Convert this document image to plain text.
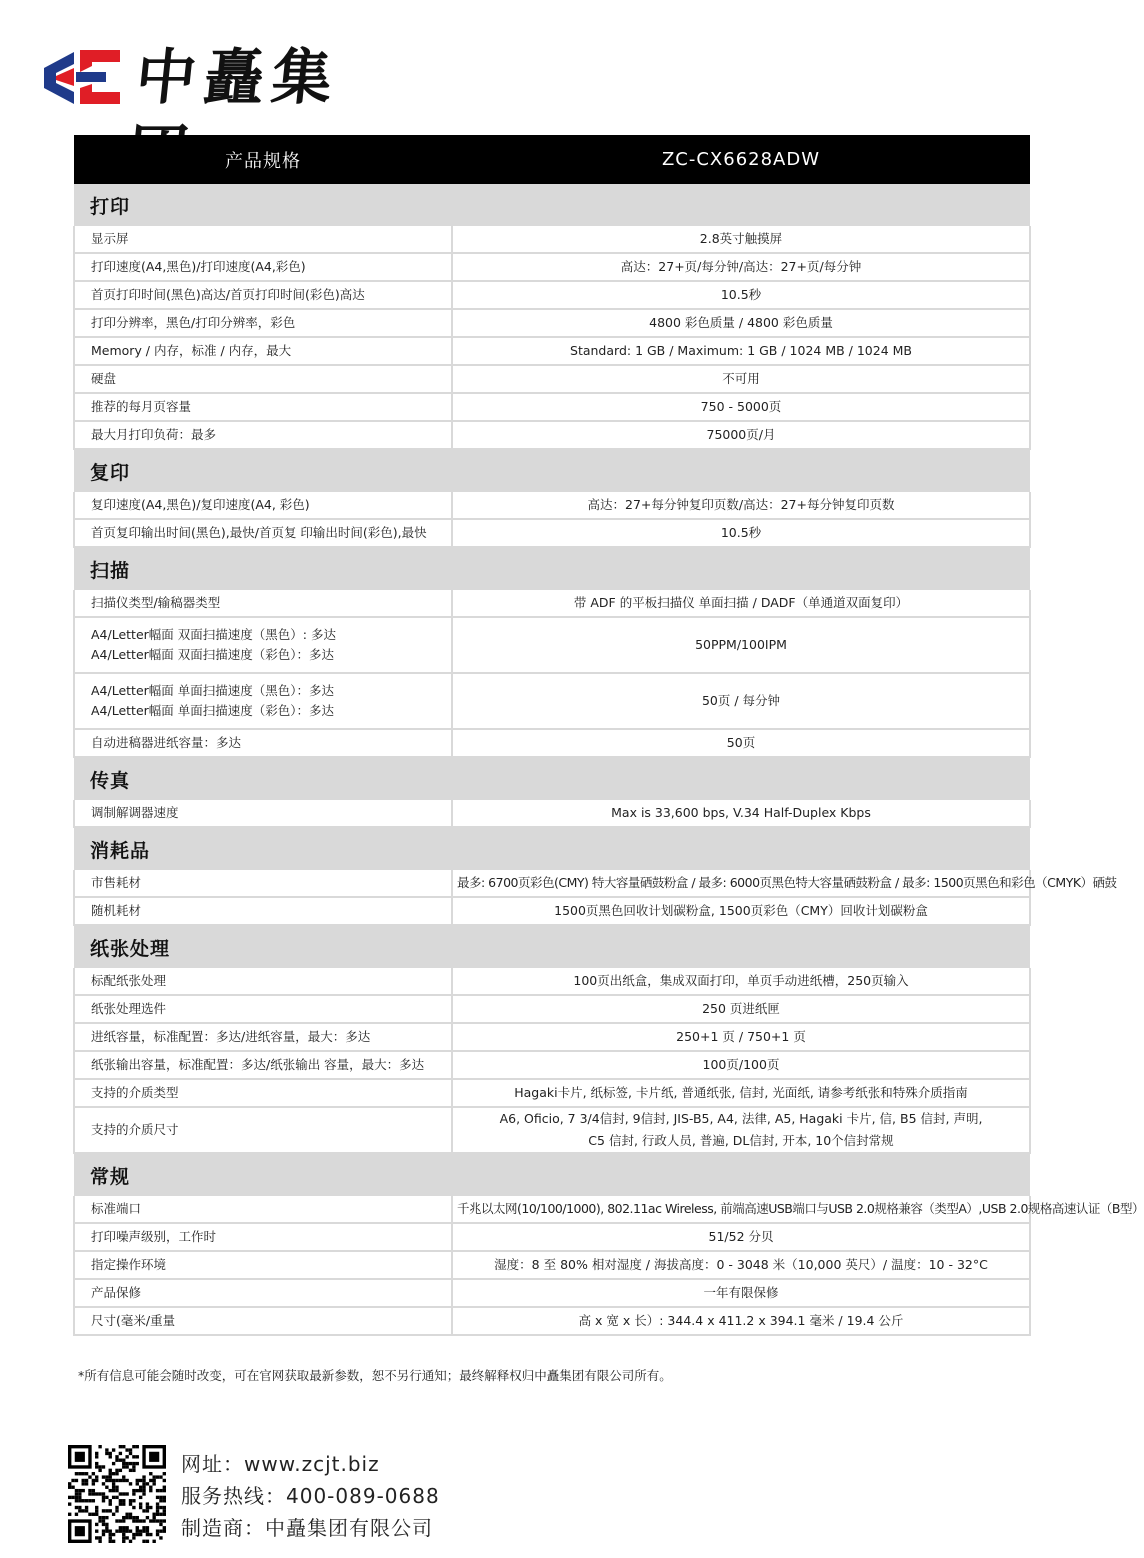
中矗集团	产品规格	ZC-CX6628ADW
打印	

显示屏	2.8英寸触摸屏

打印速度(A4,黑色)/打印速度(A4,彩色)	高达：27+页/每分钟/高达：27+页/每分钟

首页打印时间(黑色)高达/首页打印时间(彩色)高达	10.5秒

打印分辨率，黑色/打印分辨率，彩色	4800 彩色质量 / 4800 彩色质量

Memory / 内存，标准 / 内存，最大	Standard: 1 GB / Maximum: 1 GB / 1024 MB / 1024 MB

硬盘	不可用

推荐的每月页容量	750 - 5000页

最大月打印负荷：最多	75000页/月

复印	

复印速度(A4,黑色)/复印速度(A4, 彩色)	高达：27+每分钟复印页数/高达：27+每分钟复印页数

首页复印输出时间(黑色),最快/首页复 印输出时间(彩色),最快	10.5秒

扫描	

扫描仪类型/输稿器类型	带 ADF 的平板扫描仪 单面扫描 / DADF（单通道双面复印）

A4/Letter幅面 双面扫描速度（黑色）: 多达
A4/Letter幅面 双面扫描速度（彩色）：多达	50PPM/100IPM

A4/Letter幅面 单面扫描速度（黑色）：多达
A4/Letter幅面 单面扫描速度（彩色）：多达	50页 / 每分钟

自动进稿器进纸容量：多达	50页

传真	

调制解调器速度	Max is 33,600 bps, V.34 Half-Duplex Kbps

消耗品	

市售耗材	最多: 6700页彩色(CMY) 特大容量硒鼓粉盒 / 最多: 6000页黑色特大容量硒鼓粉盒 / 最多: 1500页黑色和彩色（CMYK）硒鼓

随机耗材	1500页黑色回收计划碳粉盒, 1500页彩色（CMY）回收计划碳粉盒

纸张处理	

标配纸张处理	100页出纸盒，集成双面打印，单页手动进纸槽，250页输入

纸张处理选件	250 页进纸匣

进纸容量，标准配置：多达/进纸容量，最大：多达	250+1 页 / 750+1 页

纸张输出容量，标准配置：多达/纸张输出 容量，最大：多达	100页/100页

支持的介质类型	Hagaki卡片, 纸标签, 卡片纸, 普通纸张, 信封, 光面纸, 请参考纸张和特殊介质指南

支持的介质尺寸	A6, Oficio, 7 3/4信封, 9信封, JIS-B5, A4, 法律, A5, Hagaki 卡片, 信, B5 信封, 声明,
C5 信封, 行政人员, 普遍, DL信封, 开本, 10个信封常规

常规	

标准端口	千兆以太网(10/100/1000), 802.11ac Wireless, 前端高速USB端口与USB 2.0规格兼容（类型A）,USB 2.0规格高速认证（B型）

打印噪声级别，工作时	51/52 分贝

指定操作环境	湿度：8 至 80% 相对湿度 / 海拔高度：0 - 3048 米（10,000 英尺）/ 温度：10 - 32°C

产品保修	一年有限保修

尺寸(毫米/重量	高 x 宽 x 长）: 344.4 x 411.2 x 394.1 毫米 / 19.4 公斤
*所有信息可能会随时改变，可在官网获取最新参数，恕不另行通知；最终解释权归中矗集团有限公司所有。
网址：www.zcjt.biz
服务热线：400-089-0688
制造商：中矗集团有限公司
